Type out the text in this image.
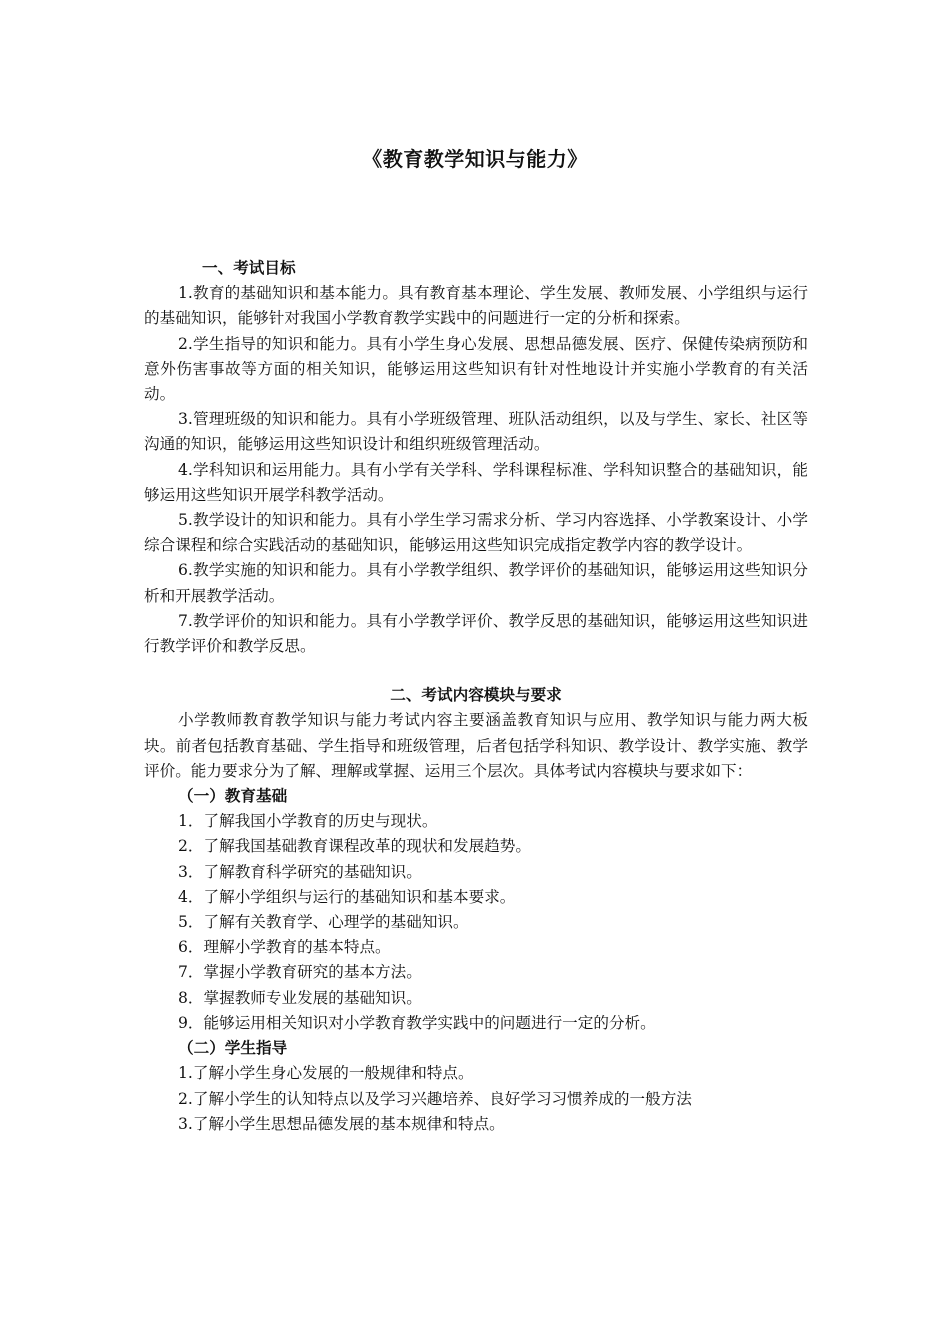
《教育教学知识与能力》

一、考试目标

1.教育的基础知识和基本能力。具有教育基本理论、学生发展、教师发展、小学组织与运行的基础知识，能够针对我国小学教育教学实践中的问题进行一定的分析和探索。

2.学生指导的知识和能力。具有小学生身心发展、思想品德发展、医疗、保健传染病预防和意外伤害事故等方面的相关知识，能够运用这些知识有针对性地设计并实施小学教育的有关活动。

3.管理班级的知识和能力。具有小学班级管理、班队活动组织，以及与学生、家长、社区等沟通的知识，能够运用这些知识设计和组织班级管理活动。

4.学科知识和运用能力。具有小学有关学科、学科课程标准、学科知识整合的基础知识，能够运用这些知识开展学科教学活动。

5.教学设计的知识和能力。具有小学生学习需求分析、学习内容选择、小学教案设计、小学综合课程和综合实践活动的基础知识，能够运用这些知识完成指定教学内容的教学设计。

6.教学实施的知识和能力。具有小学教学组织、教学评价的基础知识，能够运用这些知识分析和开展教学活动。

7.教学评价的知识和能力。具有小学教学评价、教学反思的基础知识，能够运用这些知识进行教学评价和教学反思。

二、考试内容模块与要求

小学教师教育教学知识与能力考试内容主要涵盖教育知识与应用、教学知识与能力两大板块。前者包括教育基础、学生指导和班级管理，后者包括学科知识、教学设计、教学实施、教学评价。能力要求分为了解、理解或掌握、运用三个层次。具体考试内容模块与要求如下：

（一）教育基础

1．了解我国小学教育的历史与现状。
2．了解我国基础教育课程改革的现状和发展趋势。
3．了解教育科学研究的基础知识。
4．了解小学组织与运行的基础知识和基本要求。
5．了解有关教育学、心理学的基础知识。
6．理解小学教育的基本特点。
7．掌握小学教育研究的基本方法。
8．掌握教师专业发展的基础知识。
9．能够运用相关知识对小学教育教学实践中的问题进行一定的分析。

（二）学生指导

1.了解小学生身心发展的一般规律和特点。
2.了解小学生的认知特点以及学习兴趣培养、良好学习习惯养成的一般方法
3.了解小学生思想品德发展的基本规律和特点。
